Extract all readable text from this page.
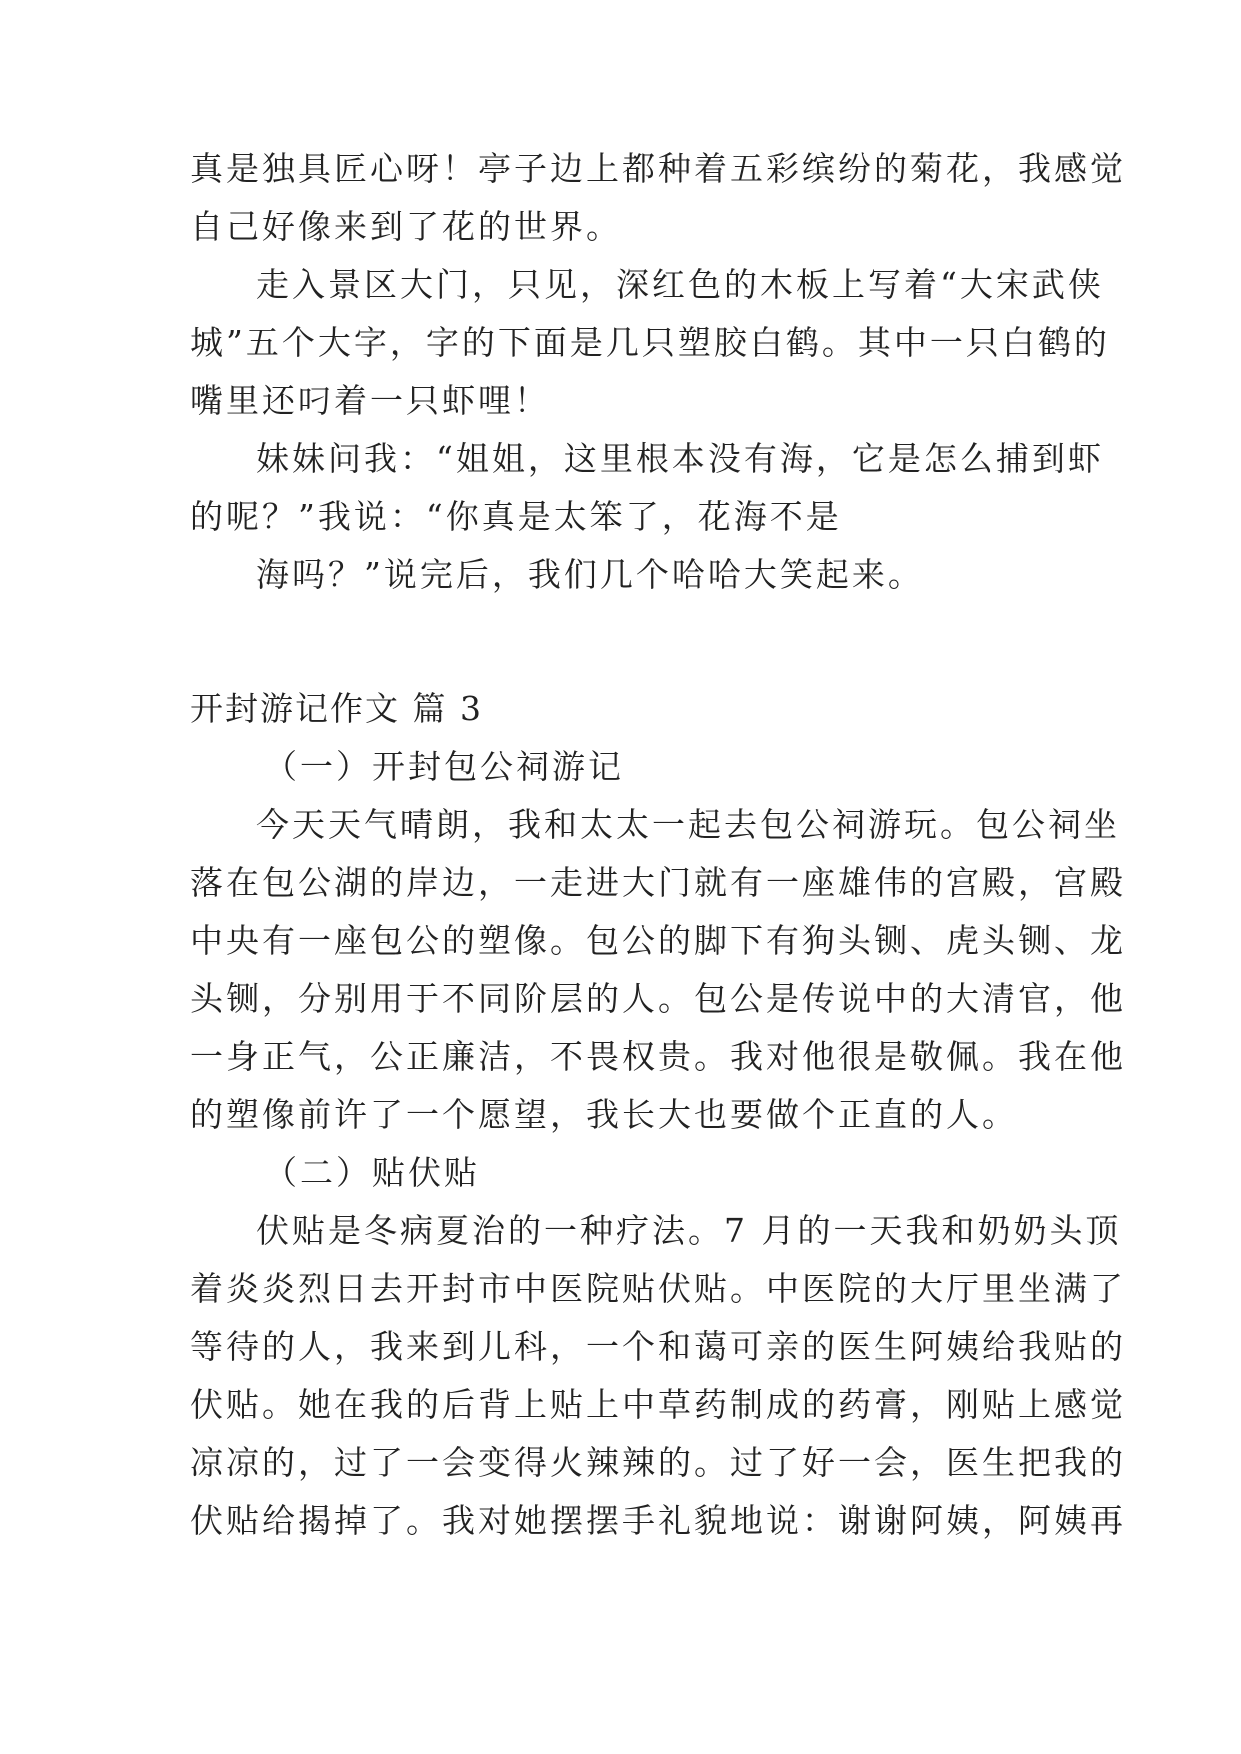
真是独具匠心呀！亭子边上都种着五彩缤纷的菊花，我感觉
自己好像来到了花的世界。
走入景区大门，只见，深红色的木板上写着“大宋武侠
城”五个大字，字的下面是几只塑胶白鹤。其中一只白鹤的
嘴里还叼着一只虾哩！
妹妹问我：“姐姐，这里根本没有海，它是怎么捕到虾
的呢？”我说：“你真是太笨了，花海不是
海吗？”说完后，我们几个哈哈大笑起来。
开封游记作文 篇 3
（一）开封包公祠游记
今天天气晴朗，我和太太一起去包公祠游玩。包公祠坐
落在包公湖的岸边，一走进大门就有一座雄伟的宫殿，宫殿
中央有一座包公的塑像。包公的脚下有狗头铡、虎头铡、龙
头铡，分别用于不同阶层的人。包公是传说中的大清官，他
一身正气，公正廉洁，不畏权贵。我对他很是敬佩。我在他
的塑像前许了一个愿望，我长大也要做个正直的人。
（二）贴伏贴
伏贴是冬病夏治的一种疗法。7 月的一天我和奶奶头顶
着炎炎烈日去开封市中医院贴伏贴。中医院的大厅里坐满了
等待的人，我来到儿科，一个和蔼可亲的医生阿姨给我贴的
伏贴。她在我的后背上贴上中草药制成的药膏，刚贴上感觉
凉凉的，过了一会变得火辣辣的。过了好一会，医生把我的
伏贴给揭掉了。我对她摆摆手礼貌地说：谢谢阿姨，阿姨再
